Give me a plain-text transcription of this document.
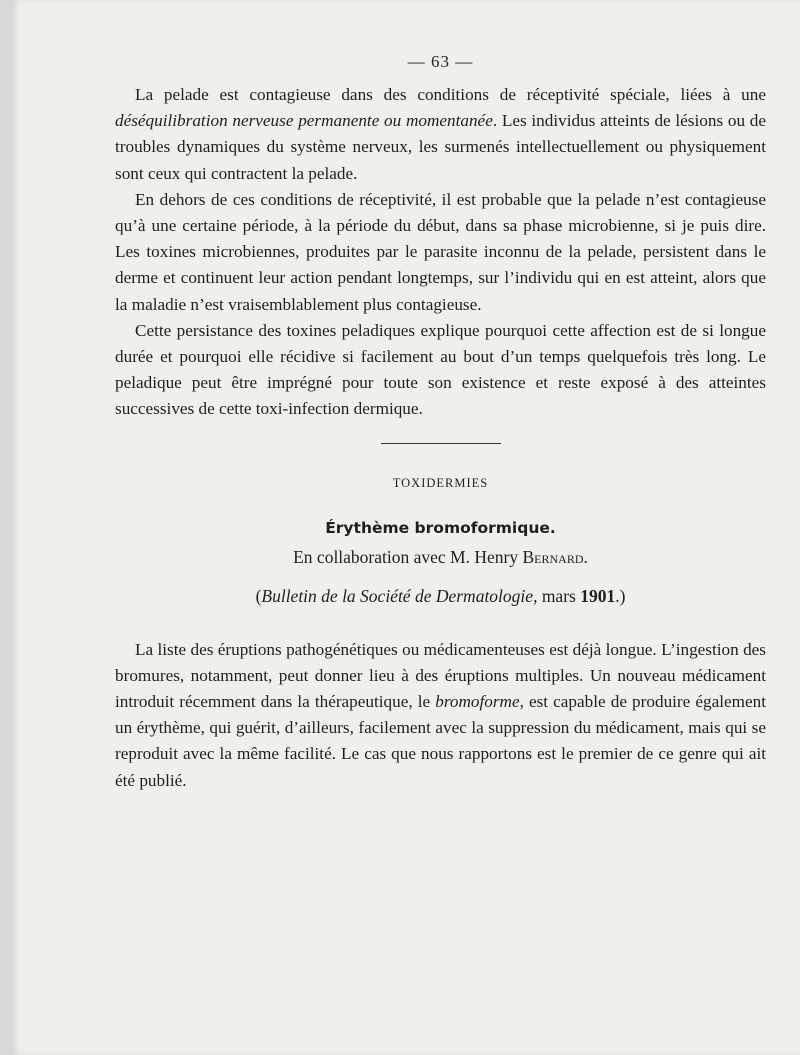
— 63 —

La pelade est contagieuse dans des conditions de réceptivité spéciale, liées à une déséquilibration nerveuse permanente ou momentanée. Les individus atteints de lésions ou de troubles dynamiques du système nerveux, les surmenés intellectuellement ou physiquement sont ceux qui contractent la pelade.

En dehors de ces conditions de réceptivité, il est probable que la pelade n’est contagieuse qu’à une certaine période, à la période du début, dans sa phase microbienne, si je puis dire. Les toxines microbiennes, produites par le parasite inconnu de la pelade, persistent dans le derme et continuent leur action pendant longtemps, sur l’individu qui en est atteint, alors que la maladie n’est vraisemblablement plus contagieuse.

Cette persistance des toxines peladiques explique pourquoi cette affection est de si longue durée et pourquoi elle récidive si facilement au bout d’un temps quelquefois très long. Le peladique peut être imprégné pour toute son existence et reste exposé à des atteintes successives de cette toxi-infection dermique.

TOXIDERMIES
Érythème bromoformique.
En collaboration avec M. Henry Bernard.
(Bulletin de la Société de Dermatologie, mars 1901.)

La liste des éruptions pathogénétiques ou médicamenteuses est déjà longue. L’ingestion des bromures, notamment, peut donner lieu à des éruptions multiples. Un nouveau médicament introduit récemment dans la thérapeutique, le bromoforme, est capable de produire également un érythème, qui guérit, d’ailleurs, facilement avec la suppression du médicament, mais qui se reproduit avec la même facilité. Le cas que nous rapportons est le premier de ce genre qui ait été publié.
